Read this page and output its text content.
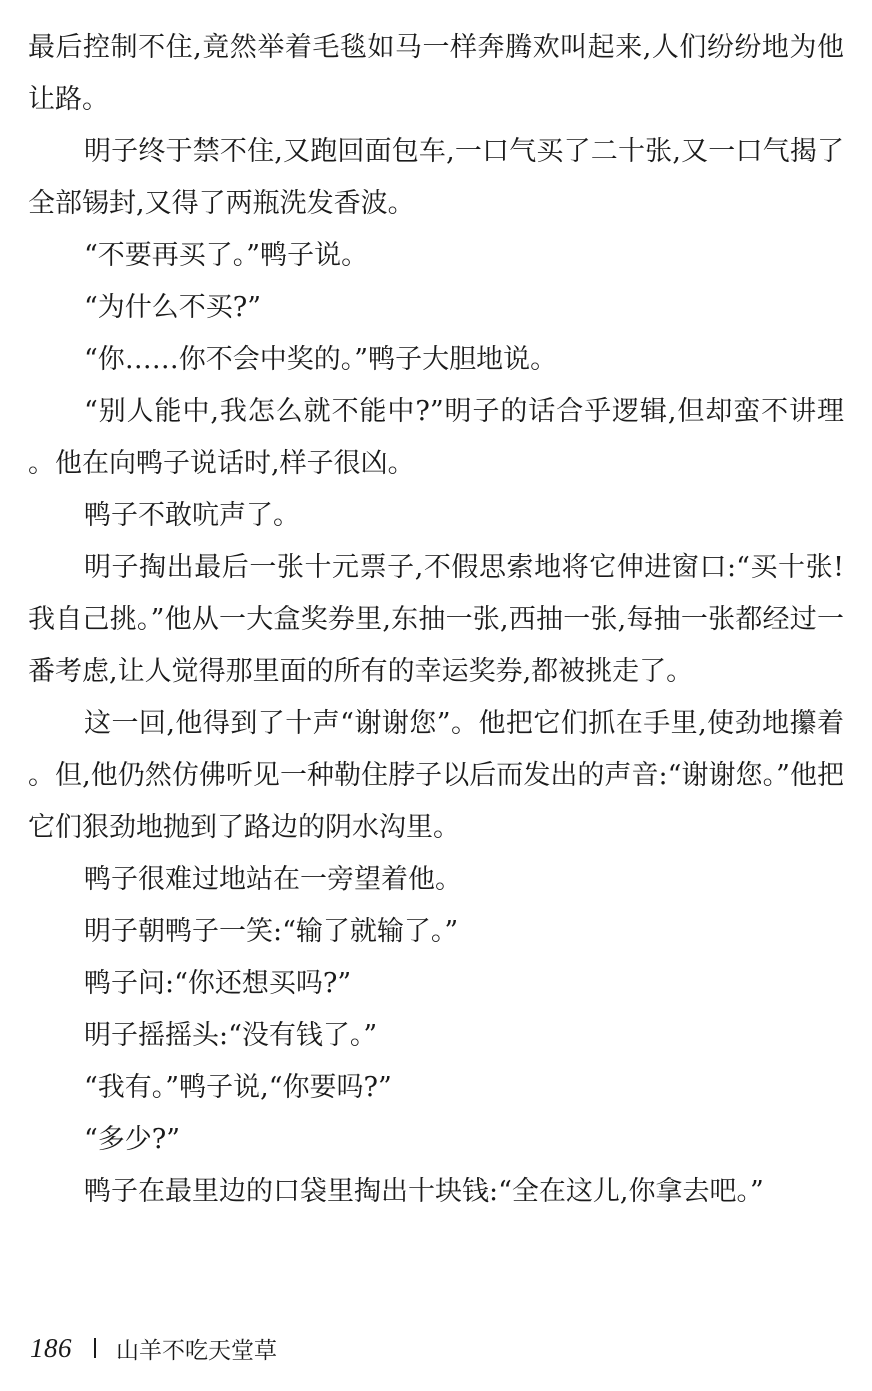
最后控制不住,竟然举着毛毯如马一样奔腾欢叫起来,人们纷纷地为他让路。

明子终于禁不住,又跑回面包车,一口气买了二十张,又一口气揭了全部锡封,又得了两瓶洗发香波。

“不要再买了。”鸭子说。

“为什么不买?”

“你……你不会中奖的。”鸭子大胆地说。

“别人能中,我怎么就不能中?”明子的话合乎逻辑,但却蛮不讲理。他在向鸭子说话时,样子很凶。

鸭子不敢吭声了。

明子掏出最后一张十元票子,不假思索地将它伸进窗口:“买十张! 我自己挑。”他从一大盒奖券里,东抽一张,西抽一张,每抽一张都经过一番考虑,让人觉得那里面的所有的幸运奖券,都被挑走了。

这一回,他得到了十声“谢谢您”。他把它们抓在手里,使劲地攥着。但,他仍然仿佛听见一种勒住脖子以后而发出的声音:“谢谢您。”他把它们狠劲地抛到了路边的阴水沟里。

鸭子很难过地站在一旁望着他。

明子朝鸭子一笑:“输了就输了。”

鸭子问:“你还想买吗?”

明子摇摇头:“没有钱了。”

“我有。”鸭子说,“你要吗?”

“多少?”

鸭子在最里边的口袋里掏出十块钱:“全在这儿,你拿去吧。”

186 山羊不吃天堂草
